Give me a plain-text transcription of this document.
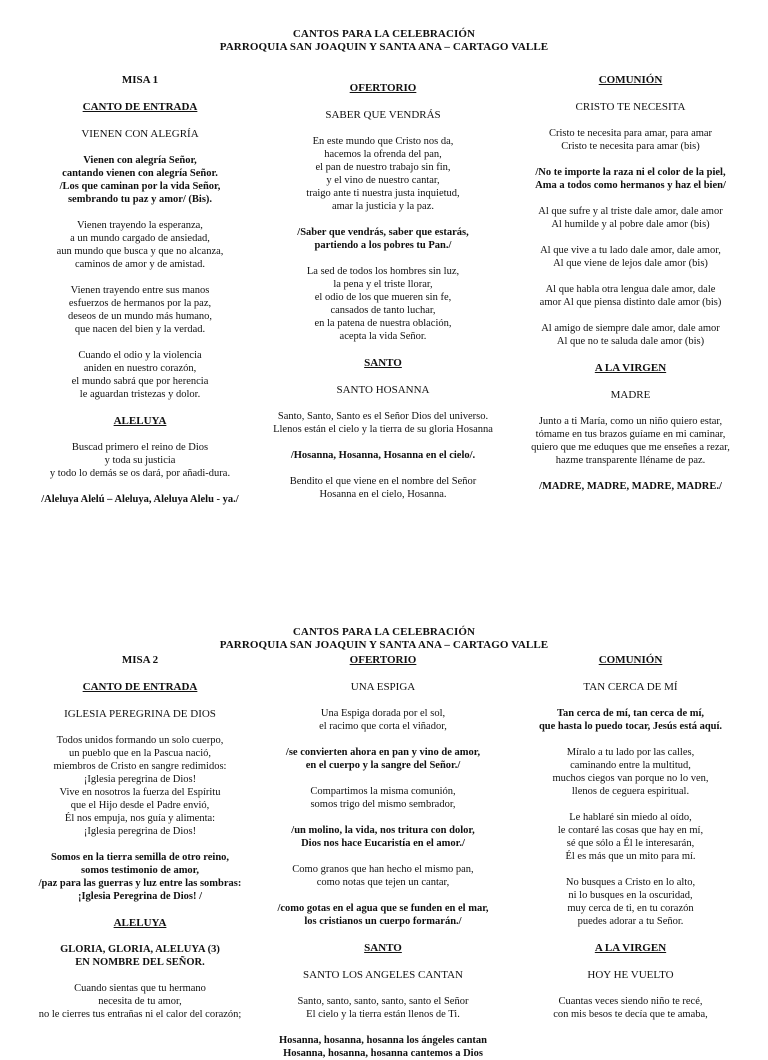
CANTOS PARA LA CELEBRACIÓN
PARROQUIA SAN JOAQUIN Y SANTA ANA – CARTAGO VALLE

MISA 1

CANTO DE ENTRADA

VIENEN CON ALEGRÍA

Vienen con alegría Señor,
cantando vienen con alegría Señor.
/Los que caminan por la vida Señor,
sembrando tu paz y amor/ (Bis).
Vienen trayendo la esperanza,
a un mundo cargado de ansiedad,
aun mundo que busca y que no alcanza,
caminos de amor y de amistad.
Vienen trayendo entre sus manos
esfuerzos de hermanos por la paz,
deseos de un mundo más humano,
que nacen del bien y la verdad.
Cuando el odio y la violencia
aniden en nuestro corazón,
el mundo sabrá que por herencia
le aguardan tristezas y dolor.

ALELUYA

Buscad primero el reino de Dios
y toda su justicia
y todo lo demás se os dará, por añadi-dura.
/Aleluya Alelú – Aleluya, Aleluya Alelu - ya./

OFERTORIO

SABER QUE VENDRÁS

En este mundo que Cristo nos da,
hacemos la ofrenda del pan,
el pan de nuestro trabajo sin fin,
y el vino de nuestro cantar,
traigo ante ti nuestra justa inquietud,
amar la justicia y la paz.
/Saber que vendrás, saber que estarás,
partiendo a los pobres tu Pan./
La sed de todos los hombres sin luz,
la pena y el triste llorar,
el odio de los que mueren sin fe,
cansados de tanto luchar,
en la patena de nuestra oblación,
acepta la vida Señor.

SANTO

SANTO HOSANNA

Santo, Santo, Santo es el Señor Dios del universo.
Llenos están el cielo y la tierra de su gloria Hosanna
/Hosanna, Hosanna, Hosanna en el cielo/.
Bendito el que viene en el nombre del Señor
Hosanna en el cielo, Hosanna.

COMUNIÓN

CRISTO TE NECESITA

Cristo te necesita para amar, para amar
Cristo te necesita para amar (bis)
/No te importe la raza ni el color de la piel,
Ama a todos como hermanos y haz el bien/
Al que sufre y al triste dale amor, dale amor
Al humilde y al pobre dale amor (bis)
Al que vive a tu lado dale amor, dale amor,
Al que viene de lejos dale amor (bis)
Al que habla otra lengua dale amor, dale
amor Al que piensa distinto dale amor (bis)
Al amigo de siempre dale amor, dale amor
Al que no te saluda dale amor (bis)

A LA VIRGEN

MADRE

Junto a ti María, como un niño quiero estar,
tómame en tus brazos guíame en mi caminar,
quiero que me eduques que me enseñes a rezar,
hazme transparente lléname de paz.
/MADRE, MADRE, MADRE, MADRE./
CANTOS PARA LA CELEBRACIÓN
PARROQUIA SAN JOAQUIN Y SANTA ANA – CARTAGO VALLE

MISA 2

CANTO DE ENTRADA

IGLESIA PEREGRINA DE DIOS

Todos unidos formando un solo cuerpo,
un pueblo que en la Pascua nació,
miembros de Cristo en sangre redimidos:
¡Iglesia peregrina de Dios!
Vive en nosotros la fuerza del Espíritu
que el Hijo desde el Padre envió,
Él nos empuja, nos guía y alimenta:
¡Iglesia peregrina de Dios!
Somos en la tierra semilla de otro reino,
somos testimonio de amor,
/paz para las guerras y luz entre las sombras:
¡Iglesia Peregrina de Dios! /

ALELUYA

GLORIA, GLORIA, ALELUYA (3)
EN NOMBRE DEL SEÑOR.
Cuando sientas que tu hermano
necesita de tu amor,
no le cierres tus entrañas ni el calor del corazón;

OFERTORIO

UNA ESPIGA

Una Espiga dorada por el sol,
el racimo que corta el viñador,
/se convierten ahora en pan y vino de amor,
en el cuerpo y la sangre del Señor./
Compartimos la misma comunión,
somos trigo del mismo sembrador,
/un molino, la vida, nos tritura con dolor,
Dios nos hace Eucaristía en el amor./
Como granos que han hecho el mismo pan,
como notas que tejen un cantar,
/como gotas en el agua que se funden en el mar,
los cristianos un cuerpo formarán./

SANTO

SANTO LOS ANGELES CANTAN

Santo, santo, santo, santo, santo el Señor
El cielo y la tierra están llenos de Ti.
Hosanna, hosanna, hosanna los ángeles cantan
Hosanna, hosanna, hosanna cantemos a Dios

COMUNIÓN

TAN CERCA DE MÍ

Tan cerca de mí, tan cerca de mí,
que hasta lo puedo tocar, Jesús está aquí.
Míralo a tu lado por las calles,
caminando entre la multitud,
muchos ciegos van porque no lo ven,
llenos de ceguera espiritual.
Le hablaré sin miedo al oído,
le contaré las cosas que hay en mí,
sé que sólo a Él le interesarán,
Él es más que un mito para mí.
No busques a Cristo en lo alto,
ni lo busques en la oscuridad,
muy cerca de ti, en tu corazón
puedes adorar a tu Señor.

A LA VIRGEN

HOY HE VUELTO

Cuantas veces siendo niño te recé,
con mis besos te decía que te amaba,
